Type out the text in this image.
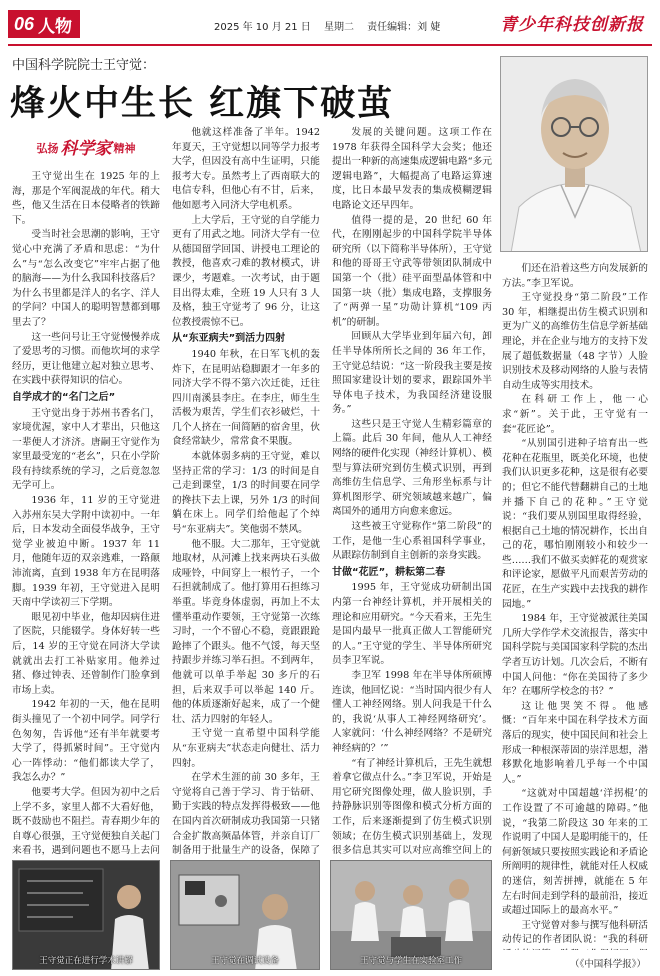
06 人物	2025 年 10 月 21 日 星期二 责任编辑：刘 婕	青少年科技创新报
中国科学院院士王守觉：
烽火中生长 红旗下破茧
弘扬 科学家 精神

王守觉出生在 1925 年的上海，那是个军阀混战的年代。稍大些，他又生活在日本侵略者的铁蹄下。

受当时社会思潮的影响，王守觉心中充满了矛盾和思虑：“为什么”与“怎么改变它”牢牢占据了他的脑海——为什么我国科技落后？为什么书里都是洋人的名字、洋人的学问？中国人的聪明智慧都到哪里去了？

这一些问号让王守觉慢慢养成了爱思考的习惯。而他坎坷的求学经历，更让他建立起对独立思考、在实践中获得知识的信心。

自学成才的“名门之后”

王守觉出身于苏州书香名门，家境优渥，家中人才辈出，只他这一辈便人才济济。唐嗣王守觉作为家里最受宠的“老幺”，只在小学阶段有持续系统的学习，之后竟忽忽无学可上。

1936 年，11 岁的王守觉进入苏州东吴大学附中读初中。一年后，日本发动全面侵华战争，王守觉学业被迫中断。1937 年 11 月，他随年迈的双亲逃难，一路颠沛流离，直到 1938 年方在昆明落脚。1939 年初，王守觉进入昆明天南中学读初三下学期。

眼见初中毕业，他却因病住进了医院，只能辍学。身体好转一些后，14 岁的王守觉在同济大学读就就出去打工补贴家用。他养过猪、修过钟表、还曾制作门脸拿到市场上卖。

1942 年初的一天，他在昆明街头撞见了一个初中同学。同学行色匆匆，告诉他“还有半年就要考大学了，得抓紧时间”。王守觉内心一阵悸动：“他们都读大学了，我怎么办？”

他要考大学。但因为初中之后上学不多，家里人都不大看好他，既不鼓励也不阻拦。青春期少年的自尊心很强，王守觉便独自关起门来看书，遇到问题也不愿马上去问

他就这样准备了半年。1942 年夏天，王守觉想以同等学力报考大学，但因没有高中生证明，只能报考大专。虽然考上了西南联大的电信专科，但他心有不甘，后来，他如愿考入同济大学电机系。

上大学后，王守觉的自学能力更有了用武之地。同济大学有一位从德国留学回国、讲授电工理论的教授，他喜欢刁难的教材模式，讲课少，考题难。一次考试，由于题目出得太难，全班 19 人只有 3 人及格，独王守觉考了 96 分，让这位教授震惊不已。

从“东亚病夫”到活力四射

1940 年秋，在日军飞机的轰炸下，在昆明站稳脚跟才一年多的同济大学不得不第六次迁徙，迁往四川南溪县李庄。在李庄，师生生活极为艰苦，学生们衣衫破烂，十几个人挤在一间简陋的宿舍里，伙食经常缺少，常常食不果腹。

本就体弱多病的王守觉，难以坚持正常的学习：1/3 的时间是自己走到课堂，1/3 的时间要在同学的搀扶下去上课，另外 1/3 的时间躺在床上。同学们给他起了个绰号“东亚病夫”。笑他弱不禁风。

他不服。大二那年，王守觉就地取材，从河滩上找来两块石头做成哑铃，中间穿上一根竹子，一个石担就制成了。他打算用石担练习举重。毕竟身体虚弱，再加上不太懂举重动作要领，王守觉第一次练习时，一个不留心不稳，竟跟跟跄跄摔了个跟头。他不气馁，每天坚持跟步并练习举石担。不到两年，他就可以单手举起 30 多斤的石担，后来双手可以举起 140 斤。他的体质逐渐好起来，成了一个健壮、活力四射的年轻人。

王守觉一直希望中国科学能从“东亚病夫”状态走向健壮、活力四射。

在学术生涯的前 30 多年，王守觉将自己善于学习、肯于钻研、勤于实践的特点发挥得极致——他在国内首次研制成功我国第一只锗合金扩散高频晶体管，并亲自订厂制备用于批量生产的设备，保障了

发展的关键问题。这项工作在 1978 年获得全国科学大会奖；他还提出一种新的高速集成逻辑电路“多元逻辑电路”，大幅提高了电路运算速度，比日本最早发表的集成模糊逻辑电路论文还早四年。

值得一提的是，20 世纪 60 年代，在刚刚起步的中国科学院半导体研究所（以下简称半导体所），王守觉和他的哥哥王守武等带领团队制成中国第一个（批）硅平面型晶体管和中国第一块（批）集成电路，支撑服务了“两弹一星”功勋计算机“109 丙机”的研制。

回顾从大学毕业到年届六旬，卸任半导体所所长之间的 36 年工作，王守觉总结说：“这一阶段我主要是按照国家建设计划的要求，跟踪国外半导体电子技术，为我国经济建设服务。”

这些只是王守觉人生精彩篇章的上篇。此后 30 年间，他从人工神经网络的硬件化实现（神经计算机）、模型与算法研究到仿生模式识别，再到高维仿生信息学、三角形坐标系与计算机图形学、研究领域越来越广，偏离国外的通用方向愈来愈远。

这些被王守觉称作“第二阶段”的工作，是他一生心系祖国科学事业，从跟踪仿制到自主创新的亲身实践。

甘做“花匠”，耕耘第二春

1995 年，王守觉成功研制出国内第一台神经计算机，并开展相关的理论和应用研究。“今天看来，王先生是国内最早一批真正做人工智能研究的人。”王守觉的学生、半导体所研究员李卫军说。

李卫军 1998 年在半导体所硕博连读，他回忆说：“当时国内很少有人懂人工神经网络。别人问我是干什么的，我说‘从事人工神经网络研究’。人家就问：‘什么神经网络？不是研究神经病的？’”

“有了神经计算机后，王先生就想着拿它做点什么。”李卫军说，开始是用它研究图像处理，做人脸识别，手持静脉识别等图像和模式分析方面的工作，后来逐渐提到了仿生模式识别领域；在仿生模式识别基础上，发现很多信息其实可以对应高维空间上的

们还在沿着这些方向发展新的方法。”李卫军说。

王守觉投身“第二阶段”工作 30 年，相继提出仿生模式识别和更为广义的高维仿生信息学新基础理论，并在企业与地方的支持下发展了超低数据量（48 字节）人脸识别技术及移动网络的人脸与表情自动生成等实用技术。

在科研工作上，他一心求“新”。关于此，王守觉有一套“花匠论”。

“从别国引进种子培育出一些花种在花瓶里，既美化环境，也使我们认识更多花种，这是很有必要的；但它不能代替翻耕自己的土地并播下自己的花种。”王守觉说：“我们要从别国里取得经验，根据自己土地的情况耕作，长出自己的花，哪怕刚刚较小和较少一些……我们不做买卖鲜花的观赏家和评论家，愿做平凡而艰苦劳动的花匠，在生产实践中去找我的耕作园地。”

1984 年，王守觉被派往美国几所大学作学术交流报告，落实中国科学院与美国国家科学院的杰出学者互访计划。几次会后，不断有中国人问他：“你在美国待了多少年？在哪所学校念的书？”

这让他哭笑不得。他感慨：“百年来中国在科学技术方面落后的现实，使中国民间和社会上形成一种根深蒂固的崇洋思想，潜移默化地影响着几乎每一个中国人。”

“这就对中国超越‘洋拐棍’的工作设置了不可逾越的障碍。”他说，“我第二阶段这 30 年来的工作说明了中国人是聪明能干的，任何新领域只要按照实践论和矛盾论所阐明的规律性，就能对任人权威的迷信，刻苦拼搏，就能在 5 年左右时间走到学科的最前沿，接近或超过国际上的最高水平。”

王守觉曾对参与撰写他科研活动传记的作者团队说：“我的科研

王守觉正在进行学术讲解	王守觉在调试设备	王守觉与学生在实验室工作	（《中国科学报》）
